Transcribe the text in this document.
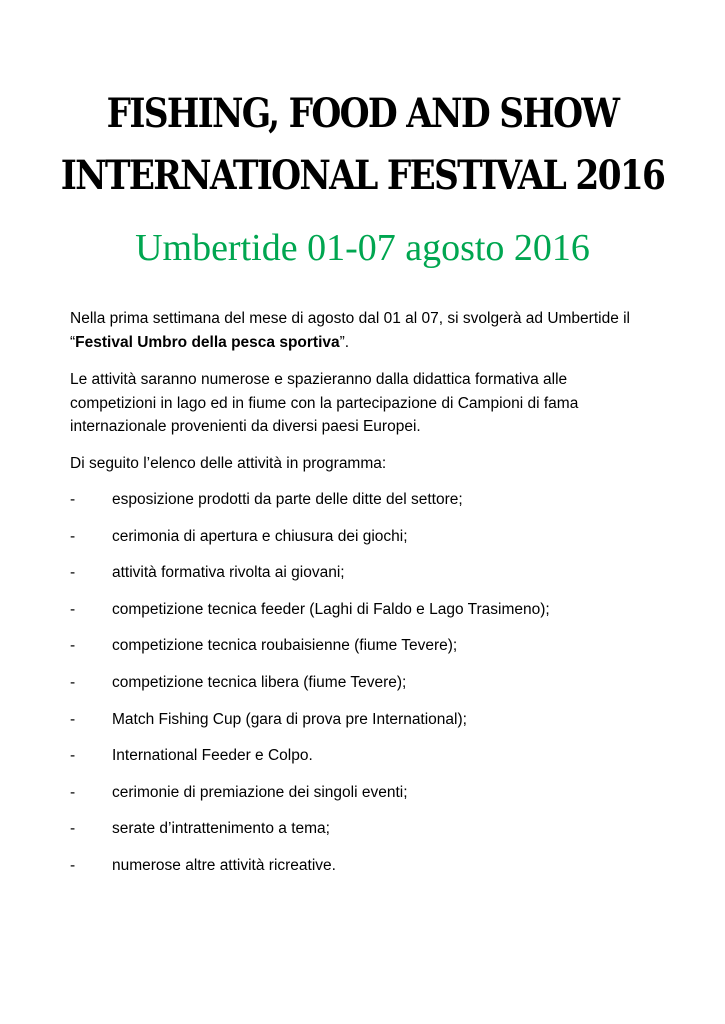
FISHING, FOOD AND SHOW
INTERNATIONAL FESTIVAL 2016
Umbertide 01-07 agosto 2016
Nella prima settimana del mese di agosto dal 01 al 07, si svolgerà ad Umbertide il
“Festival Umbro della pesca sportiva”.
Le attività saranno numerose e spazieranno dalla didattica formativa alle
competizioni in lago ed in fiume con la partecipazione di Campioni di fama
internazionale provenienti da diversi paesi Europei.
Di seguito l’elenco delle attività in programma:
- esposizione prodotti da parte delle ditte del settore;
- cerimonia di apertura e chiusura dei giochi;
- attività formativa rivolta ai giovani;
- competizione tecnica feeder (Laghi di Faldo e Lago Trasimeno);
- competizione tecnica roubaisienne (fiume Tevere);
- competizione tecnica libera (fiume Tevere);
- Match Fishing Cup (gara di prova pre International);
- International Feeder e Colpo.
- cerimonie di premiazione dei singoli eventi;
- serate d’intrattenimento a tema;
- numerose altre attività ricreative.
